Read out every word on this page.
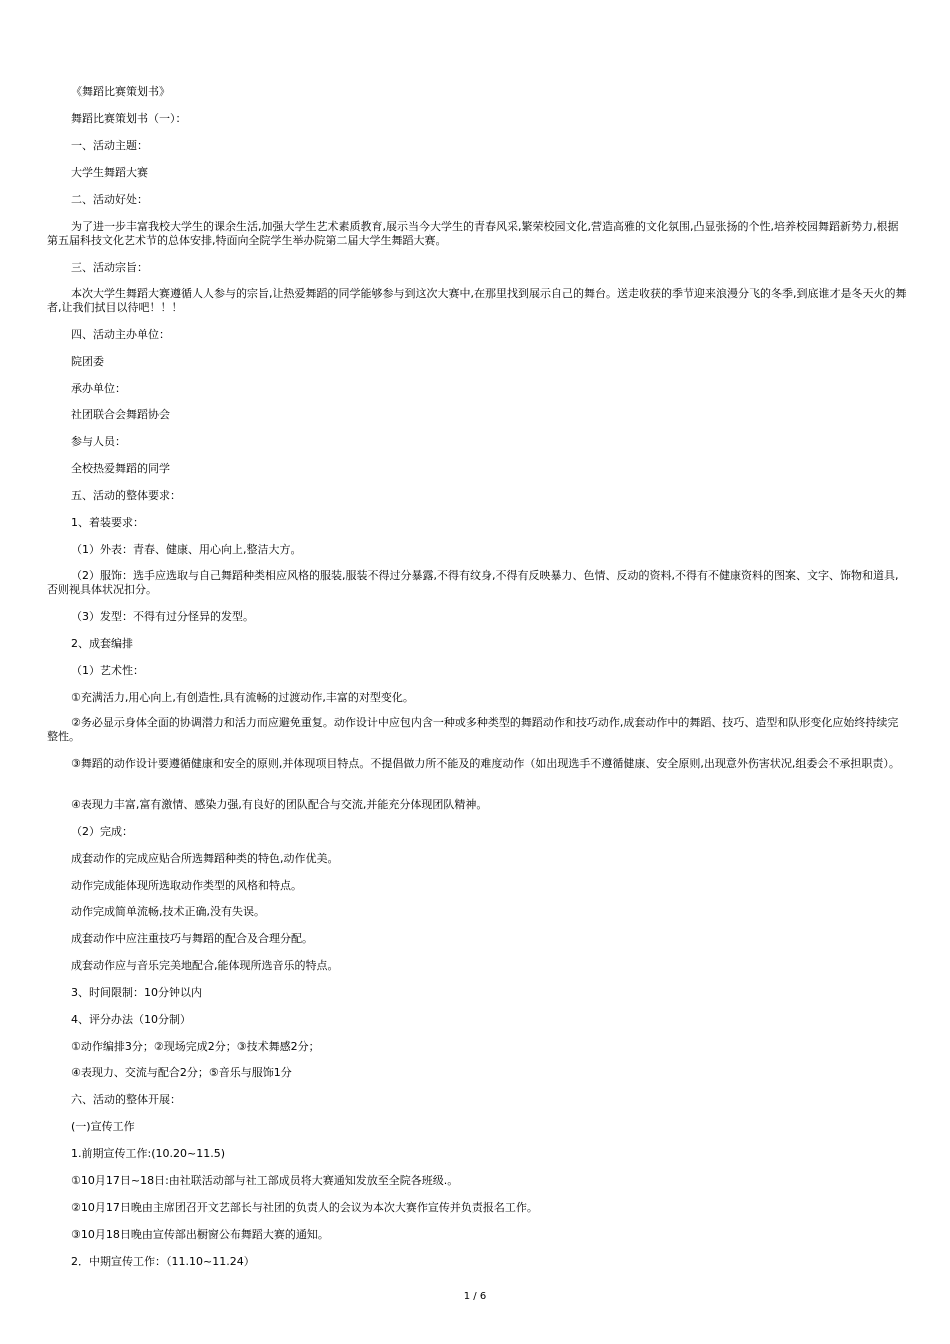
《舞蹈比赛策划书》
舞蹈比赛策划书（一）：
一、活动主题：
大学生舞蹈大赛
二、活动好处：
为了进一步丰富我校大学生的课余生活,加强大学生艺术素质教育,展示当今大学生的青春风采,繁荣校园文化,营造高雅的文化氛围,凸显张扬的个性,培养校园舞蹈新势力,根据第五届科技文化艺术节的总体安排,特面向全院学生举办院第二届大学生舞蹈大赛。
三、活动宗旨：
本次大学生舞蹈大赛遵循人人参与的宗旨,让热爱舞蹈的同学能够参与到这次大赛中,在那里找到展示自己的舞台。送走收获的季节迎来浪漫分飞的冬季,到底谁才是冬天火的舞者,让我们拭目以待吧！！！
四、活动主办单位：
院团委
承办单位：
社团联合会舞蹈协会
参与人员：
全校热爱舞蹈的同学
五、活动的整体要求：
1、着装要求：
（1）外表：青春、健康、用心向上,整洁大方。
（2）服饰：选手应选取与自己舞蹈种类相应风格的服装,服装不得过分暴露,不得有纹身,不得有反映暴力、色情、反动的资料,不得有不健康资料的图案、文字、饰物和道具,否则视具体状况扣分。
（3）发型：不得有过分怪异的发型。
2、成套编排
（1）艺术性：
①充满活力,用心向上,有创造性,具有流畅的过渡动作,丰富的对型变化。
②务必显示身体全面的协调潜力和活力而应避免重复。动作设计中应包内含一种或多种类型的舞蹈动作和技巧动作,成套动作中的舞蹈、技巧、造型和队形变化应始终持续完整性。
③舞蹈的动作设计要遵循健康和安全的原则,并体现项目特点。不提倡做力所不能及的难度动作（如出现选手不遵循健康、安全原则,出现意外伤害状况,组委会不承担职责）。
④表现力丰富,富有激情、感染力强,有良好的团队配合与交流,并能充分体现团队精神。
（2）完成：
成套动作的完成应贴合所选舞蹈种类的特色,动作优美。
动作完成能体现所选取动作类型的风格和特点。
动作完成简单流畅,技术正确,没有失误。
成套动作中应注重技巧与舞蹈的配合及合理分配。
成套动作应与音乐完美地配合,能体现所选音乐的特点。
3、时间限制：10分钟以内
4、评分办法（10分制）
①动作编排3分；②现场完成2分；③技术舞感2分；
④表现力、交流与配合2分；⑤音乐与服饰1分
六、活动的整体开展：
(一)宣传工作
1.前期宣传工作:(10.20~11.5)
①10月17日~18日:由社联活动部与社工部成员将大赛通知发放至全院各班级.。
②10月17日晚由主席团召开文艺部长与社团的负责人的会议为本次大赛作宣传并负责报名工作。
③10月18日晚由宣传部出橱窗公布舞蹈大赛的通知。
2．中期宣传工作：（11.10~11.24）
1 / 6
